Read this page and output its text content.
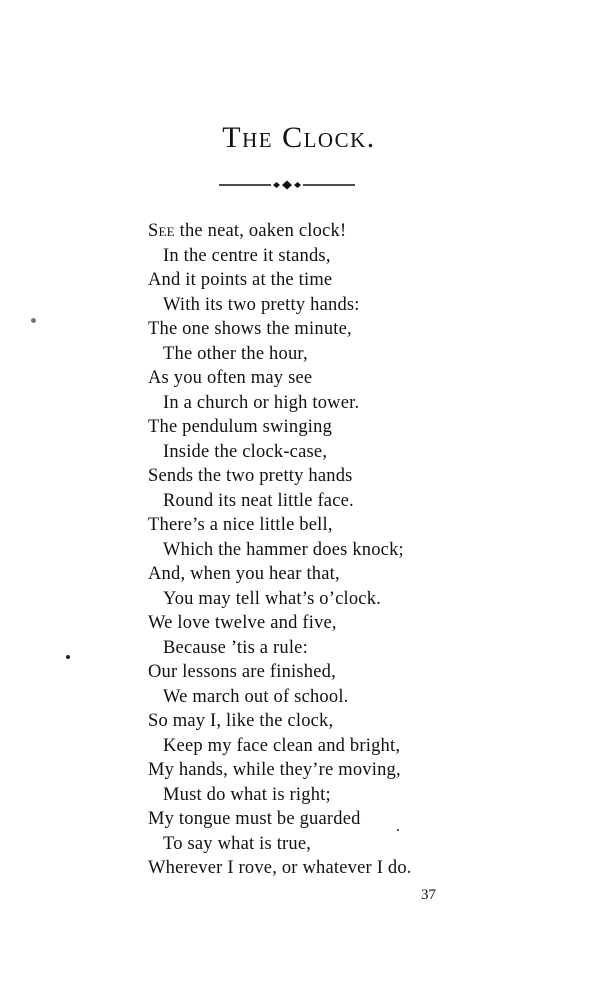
The Clock.
See the neat, oaken clock!
In the centre it stands,
And it points at the time
With its two pretty hands:
The one shows the minute,
The other the hour,
As you often may see
In a church or high tower.
The pendulum swinging
Inside the clock-case,
Sends the two pretty hands
Round its neat little face.
There’s a nice little bell,
Which the hammer does knock;
And, when you hear that,
You may tell what’s o’clock.
We love twelve and five,
Because ’tis a rule:
Our lessons are finished,
We march out of school.
So may I, like the clock,
Keep my face clean and bright,
My hands, while they’re moving,
Must do what is right;
My tongue must be guarded
To say what is true,
Wherever I rove, or whatever I do.
37
